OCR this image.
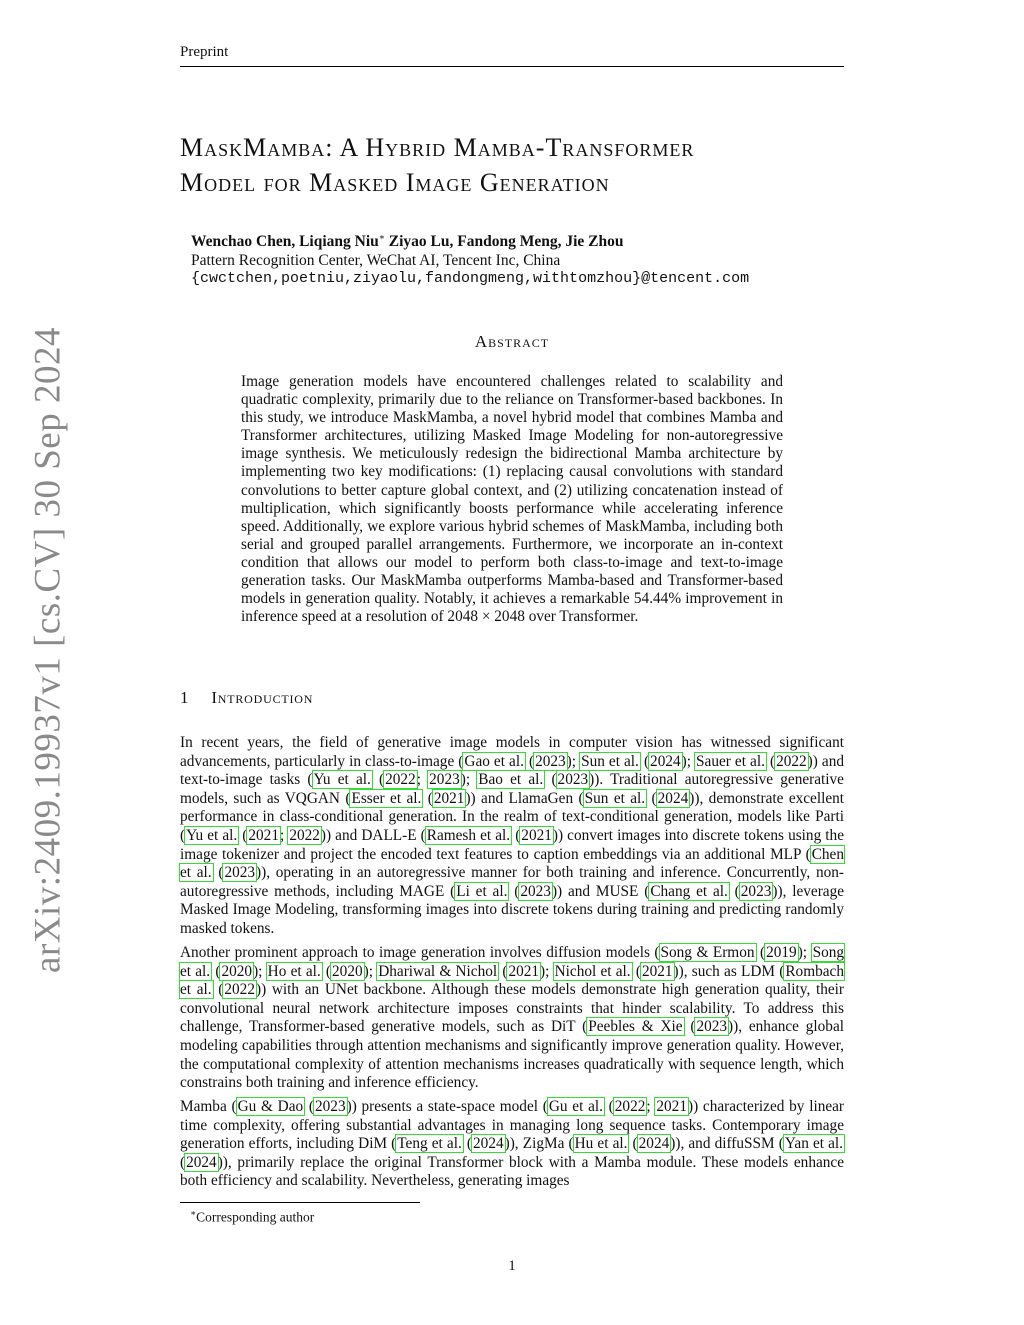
Preprint
arXiv:2409.19937v1 [cs.CV] 30 Sep 2024
MaskMamba: A Hybrid Mamba-Transformer
Model for Masked Image Generation
Wenchao Chen, Liqiang Niu∗ Ziyao Lu, Fandong Meng, Jie Zhou
Pattern Recognition Center, WeChat AI, Tencent Inc, China
{cwctchen,poetniu,ziyaolu,fandongmeng,withtomzhou}@tencent.com
Abstract

Image generation models have encountered challenges related to scalability and quadratic complexity, primarily due to the reliance on Transformer-based backbones. In this study, we introduce MaskMamba, a novel hybrid model that combines Mamba and Transformer architectures, utilizing Masked Image Modeling for non-autoregressive image synthesis. We meticulously redesign the bidirectional Mamba architecture by implementing two key modifications: (1) replacing causal convolutions with standard convolutions to better capture global context, and (2) utilizing concatenation instead of multiplication, which significantly boosts performance while accelerating inference speed. Additionally, we explore various hybrid schemes of MaskMamba, including both serial and grouped parallel arrangements. Furthermore, we incorporate an in-context condition that allows our model to perform both class-to-image and text-to-image generation tasks. Our MaskMamba outperforms Mamba-based and Transformer-based models in generation quality. Notably, it achieves a remarkable 54.44% improvement in inference speed at a resolution of 2048 × 2048 over Transformer.

1 Introduction

In recent years, the field of generative image models in computer vision has witnessed significant advancements, particularly in class-to-image (Gao et al. (2023); Sun et al. (2024); Sauer et al. (2022)) and text-to-image tasks (Yu et al. (2022; 2023); Bao et al. (2023)). Traditional autoregressive generative models, such as VQGAN (Esser et al. (2021)) and LlamaGen (Sun et al. (2024)), demonstrate excellent performance in class-conditional generation. In the realm of text-conditional generation, models like Parti (Yu et al. (2021; 2022)) and DALL-E (Ramesh et al. (2021)) convert images into discrete tokens using the image tokenizer and project the encoded text features to caption embeddings via an additional MLP (Chen et al. (2023)), operating in an autoregressive manner for both training and inference. Concurrently, non-autoregressive methods, including MAGE (Li et al. (2023)) and MUSE (Chang et al. (2023)), leverage Masked Image Modeling, transforming images into discrete tokens during training and predicting randomly masked tokens.

Another prominent approach to image generation involves diffusion models (Song & Ermon (2019); Song et al. (2020); Ho et al. (2020); Dhariwal & Nichol (2021); Nichol et al. (2021)), such as LDM (Rombach et al. (2022)) with an UNet backbone. Although these models demonstrate high generation quality, their convolutional neural network architecture imposes constraints that hinder scalability. To address this challenge, Transformer-based generative models, such as DiT (Peebles & Xie (2023)), enhance global modeling capabilities through attention mechanisms and significantly improve generation quality. However, the computational complexity of attention mechanisms increases quadratically with sequence length, which constrains both training and inference efficiency.

Mamba (Gu & Dao (2023)) presents a state-space model (Gu et al. (2022; 2021)) characterized by linear time complexity, offering substantial advantages in managing long sequence tasks. Contemporary image generation efforts, including DiM (Teng et al. (2024)), ZigMa (Hu et al. (2024)), and diffuSSM (Yan et al. (2024)), primarily replace the original Transformer block with a Mamba module. These models enhance both efficiency and scalability. Nevertheless, generating images

∗Corresponding author
1
